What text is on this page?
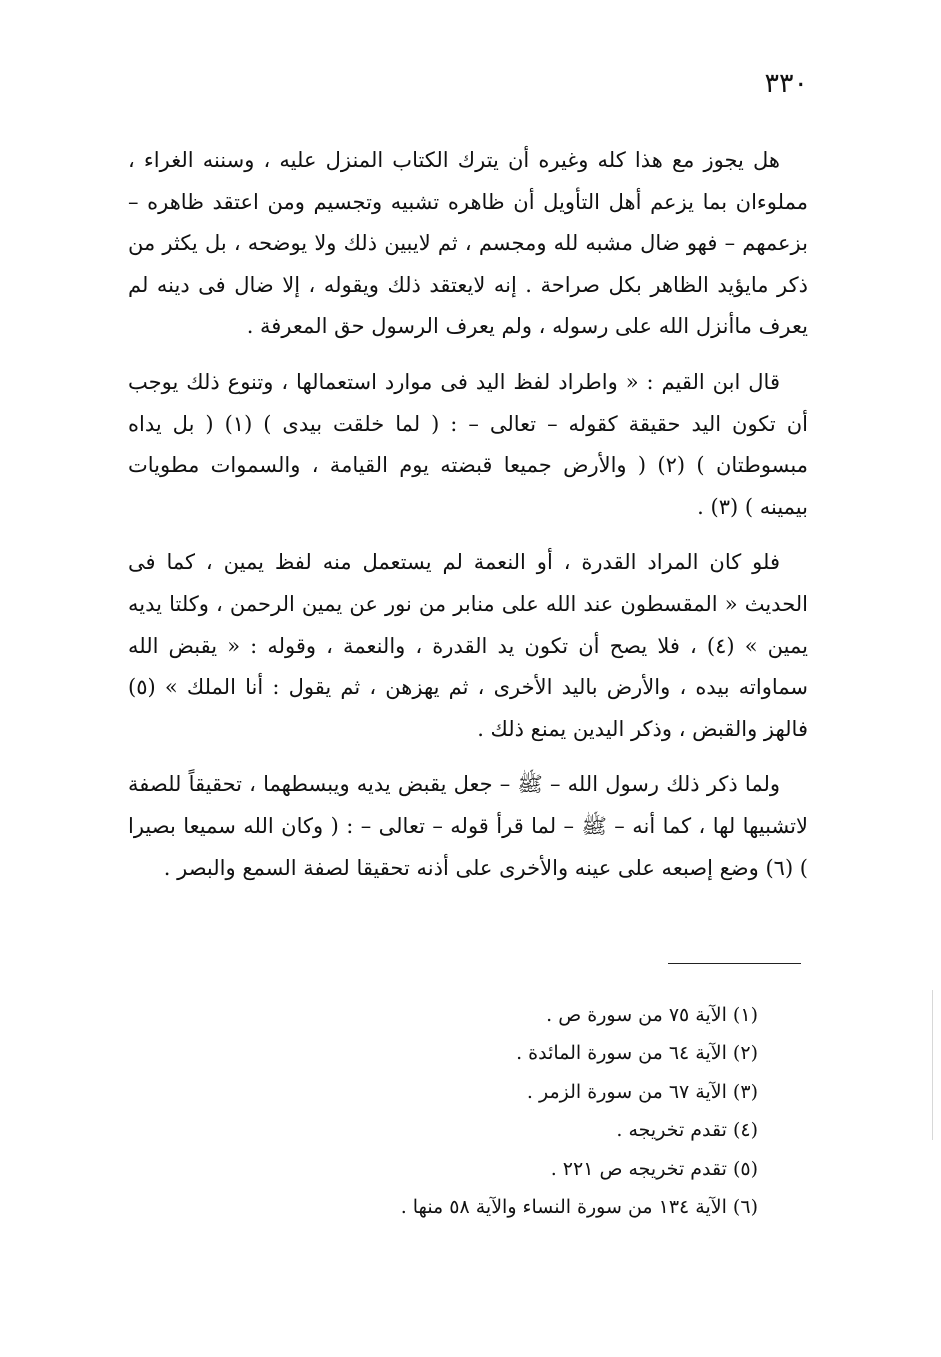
٣٣٠

هل يجوز مع هذا كله وغيره أن يترك الكتاب المنزل عليه ، وسننه الغراء ، مملوءان بما يزعم أهل التأويل أن ظاهره تشبيه وتجسيم ومن اعتقد ظاهره – بزعمهم – فهو ضال مشبه لله ومجسم ، ثم لايبين ذلك ولا يوضحه ، بل يكثر من ذكر مايؤيد الظاهر بكل صراحة . إنه لايعتقد ذلك ويقوله ، إلا ضال فى دينه لم يعرف ماأنزل الله على رسوله ، ولم يعرف الرسول حق المعرفة .

قال ابن القيم : « واطراد لفظ اليد فى موارد استعمالها ، وتنوع ذلك يوجب أن تكون اليد حقيقة كقوله – تعالى – : ( لما خلقت بيدى ) (١) ( بل يداه مبسوطتان ) (٢) ( والأرض جميعا قبضته يوم القيامة ، والسموات مطويات بيمينه ) (٣) .

فلو كان المراد القدرة ، أو النعمة لم يستعمل منه لفظ يمين ، كما فى الحديث « المقسطون عند الله على منابر من نور عن يمين الرحمن ، وكلتا يديه يمين » (٤) ، فلا يصح أن تكون يد القدرة ، والنعمة ، وقوله : « يقبض الله سماواته بيده ، والأرض باليد الأخرى ، ثم يهزهن ، ثم يقول : أنا الملك » (٥) فالهز والقبض ، وذكر اليدين يمنع ذلك .

ولما ذكر ذلك رسول الله – ﷺ – جعل يقبض يديه ويبسطهما ، تحقيقاً للصفة لاتشبيها لها ، كما أنه – ﷺ – لما قرأ قوله – تعالى – : ( وكان الله سميعا بصيرا ) (٦) وضع إصبعه على عينه والأخرى على أذنه تحقيقا لصفة السمع والبصر .

(١) الآية ٧٥ من سورة ص .
(٢) الآية ٦٤ من سورة المائدة .
(٣) الآية ٦٧ من سورة الزمر .
(٤) تقدم تخريجه .
(٥) تقدم تخريجه ص ٢٢١ .
(٦) الآية ١٣٤ من سورة النساء والآية ٥٨ منها .
